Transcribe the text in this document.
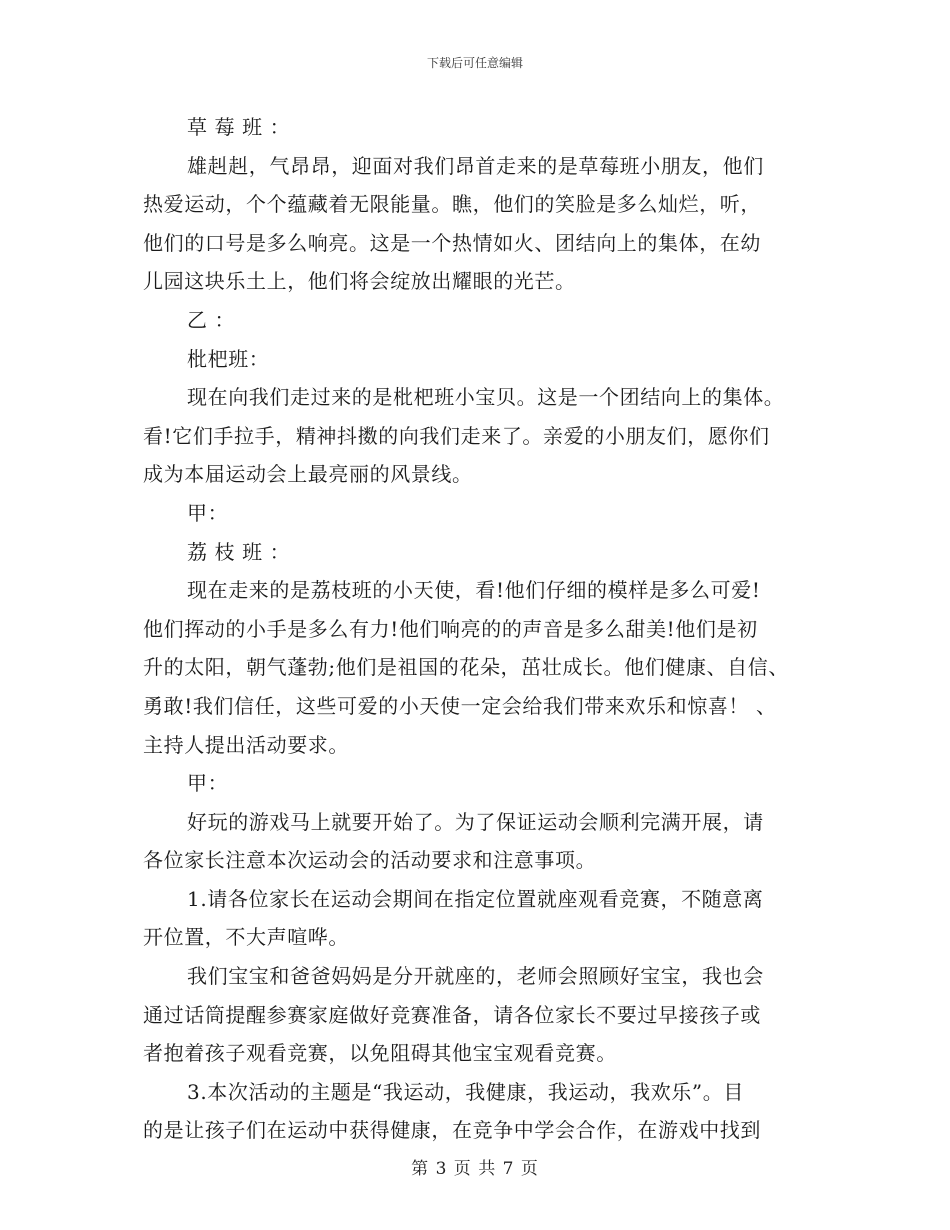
下载后可任意编辑
草 莓 班 ：
雄赳赳，气昂昂，迎面对我们昂首走来的是草莓班小朋友，他们
热爱运动，个个蕴藏着无限能量。瞧，他们的笑脸是多么灿烂，听，
他们的口号是多么响亮。这是一个热情如火、团结向上的集体，在幼
儿园这块乐土上，他们将会绽放出耀眼的光芒。
乙 ：
枇杷班：
现在向我们走过来的是枇杷班小宝贝。这是一个团结向上的集体。
看!它们手拉手，精神抖擞的向我们走来了。亲爱的小朋友们，愿你们
成为本届运动会上最亮丽的风景线。
甲：
荔 枝 班 ：
现在走来的是荔枝班的小天使，看!他们仔细的模样是多么可爱!
他们挥动的小手是多么有力!他们响亮的的声音是多么甜美!他们是初
升的太阳，朝气蓬勃;他们是祖国的花朵，茁壮成长。他们健康、自信、
勇敢!我们信任，这些可爱的小天使一定会给我们带来欢乐和惊喜！ 、
主持人提出活动要求。
甲：
好玩的游戏马上就要开始了。为了保证运动会顺利完满开展，请
各位家长注意本次运动会的活动要求和注意事项。
1.请各位家长在运动会期间在指定位置就座观看竞赛，不随意离
开位置，不大声喧哗。
我们宝宝和爸爸妈妈是分开就座的，老师会照顾好宝宝，我也会
通过话筒提醒参赛家庭做好竞赛准备，请各位家长不要过早接孩子或
者抱着孩子观看竞赛，以免阻碍其他宝宝观看竞赛。
3.本次活动的主题是“我运动，我健康，我运动，我欢乐”。目
的是让孩子们在运动中获得健康，在竞争中学会合作，在游戏中找到
第 3 页 共 7 页
